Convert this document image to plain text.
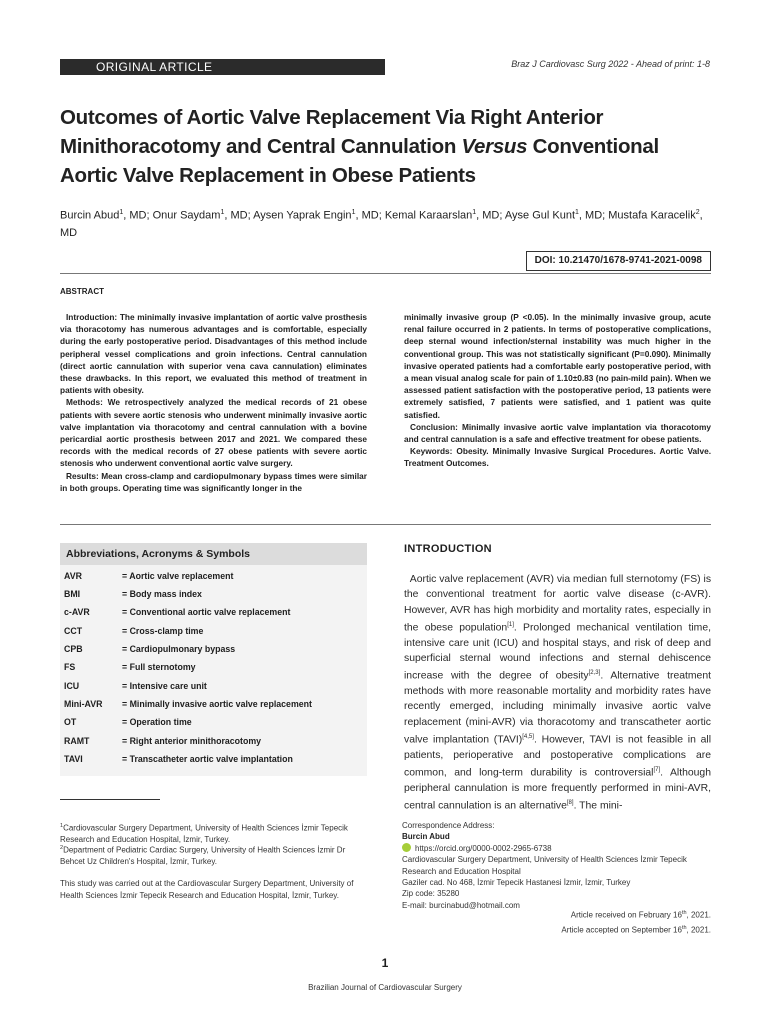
ORIGINAL ARTICLE	Braz J Cardiovasc Surg 2022 - Ahead of print: 1-8
Outcomes of Aortic Valve Replacement Via Right Anterior Minithoracotomy and Central Cannulation Versus Conventional Aortic Valve Replacement in Obese Patients
Burcin Abud$^1$, MD; Onur Saydam$^1$, MD; Aysen Yaprak Engin$^1$, MD; Kemal Karaarslan$^1$, MD; Ayse Gul Kunt$^1$, MD; Mustafa Karacelik$^2$, MD
DOI: 10.21470/1678-9741-2021-0098
ABSTRACT

Introduction: The minimally invasive implantation of aortic valve prosthesis via thoracotomy has numerous advantages and is comfortable, especially during the early postoperative period. Disadvantages of this method include peripheral vessel complications and groin infections. Central cannulation (direct aortic cannulation with superior vena cava cannulation) eliminates these drawbacks. In this report, we evaluated this method of treatment in patients with obesity.

Methods: We retrospectively analyzed the medical records of 21 obese patients with severe aortic stenosis who underwent minimally invasive aortic valve implantation via thoracotomy and central cannulation with a bovine pericardial aortic prosthesis between 2017 and 2021. We compared these records with the medical records of 27 obese patients with severe aortic stenosis who underwent conventional aortic valve surgery.

Results: Mean cross-clamp and cardiopulmonary bypass times were similar in both groups. Operating time was significantly longer in the

minimally invasive group (P <0.05). In the minimally invasive group, acute renal failure occurred in 2 patients. In terms of postoperative complications, deep sternal wound infection/sternal instability was much higher in the conventional group. This was not statistically significant (P=0.090). Minimally invasive operated patients had a comfortable early postoperative period, with a mean visual analog scale for pain of 1.10±0.83 (no pain-mild pain). When we assessed patient satisfaction with the postoperative period, 13 patients were extremely satisfied, 7 patients were satisfied, and 1 patient was quite satisfied.

Conclusion: Minimally invasive aortic valve implantation via thoracotomy and central cannulation is a safe and effective treatment for obese patients.

Keywords: Obesity. Minimally Invasive Surgical Procedures. Aortic Valve. Treatment Outcomes.

Abbreviations, Acronyms & Symbols
AVR	= Aortic valve replacement
BMI	= Body mass index
c-AVR	= Conventional aortic valve replacement
CCT	= Cross-clamp time
CPB	= Cardiopulmonary bypass
FS	= Full sternotomy
ICU	= Intensive care unit
Mini-AVR	= Minimally invasive aortic valve replacement
OT	= Operation time
RAMT	= Right anterior minithoracotomy
TAVI	= Transcatheter aortic valve implantation
INTRODUCTION
Aortic valve replacement (AVR) via median full sternotomy (FS) is the conventional treatment for aortic valve disease (c-AVR). However, AVR has high morbidity and mortality rates, especially in the obese population[1]. Prolonged mechanical ventilation time, intensive care unit (ICU) and hospital stays, and risk of deep and superficial sternal wound infections and sternal dehiscence increase with the degree of obesity[2,3]. Alternative treatment methods with more reasonable mortality and morbidity rates have recently emerged, including minimally invasive aortic valve replacement (mini-AVR) via thoracotomy and transcatheter aortic valve implantation (TAVI)[4,5]. However, TAVI is not feasible in all patients, perioperative and postoperative complications are common, and long-term durability is controversial[7]. Although peripheral cannulation is more frequently performed in mini-AVR, central cannulation is an alternative[8]. The mini-
$^1$Cardiovascular Surgery Department, University of Health Sciences İzmir Tepecik Research and Education Hospital, İzmir, Turkey.
$^2$Department of Pediatric Cardiac Surgery, University of Health Sciences İzmir Dr Behcet Uz Children's Hospital, İzmir, Turkey.
This study was carried out at the Cardiovascular Surgery Department, University of Health Sciences İzmir Tepecik Research and Education Hospital, İzmir, Turkey.
Correspondence Address:
Burcin Abud
https://orcid.org/0000-0002-2965-6738
Cardiovascular Surgery Department, University of Health Sciences İzmir Tepecik Research and Education Hospital
Gaziler cad. No 468, İzmir Tepecik Hastanesi İzmir, İzmir, Turkey
Zip code: 35280
E-mail: burcinabud@hotmail.com
Article received on February 16th, 2021.
Article accepted on September 16th, 2021.
1
Brazilian Journal of Cardiovascular Surgery
